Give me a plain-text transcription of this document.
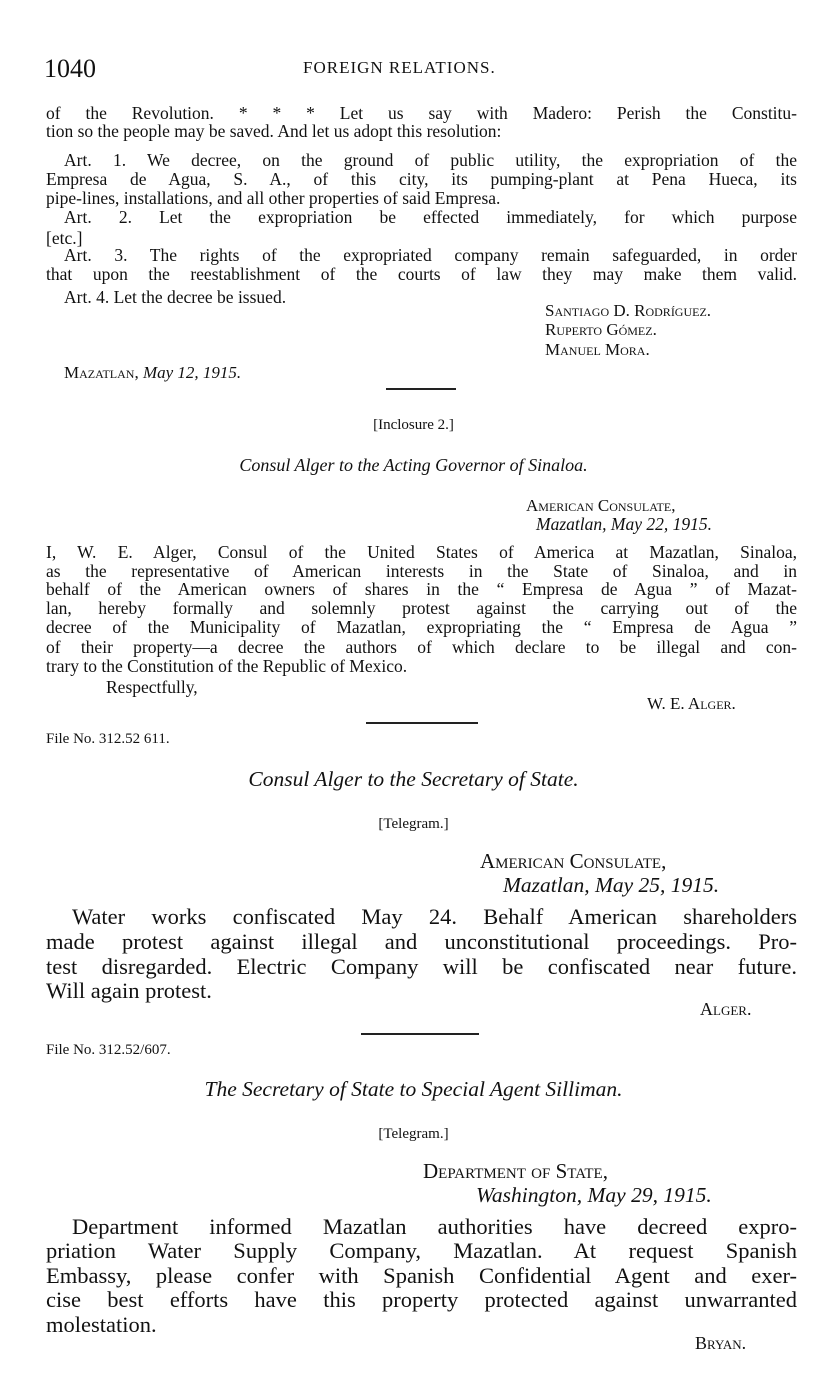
1040	FOREIGN RELATIONS.
of the Revolution. * * * Let us say with Madero: Perish the Constitu-
tion so the people may be saved. And let us adopt this resolution:
Art. 1. We decree, on the ground of public utility, the expropriation of the
Empresa de Agua, S. A., of this city, its pumping-plant at Pena Hueca, its
pipe-lines, installations, and all other properties of said Empresa.
Art. 2. Let the expropriation be effected immediately, for which purpose
[etc.]
Art. 3. The rights of the expropriated company remain safeguarded, in order
that upon the reestablishment of the courts of law they may make them valid.
Art. 4. Let the decree be issued.
Santiago D. Rodríguez.
Ruperto Gómez.
Manuel Mora.
Mazatlan, May 12, 1915.
[Inclosure 2.]
Consul Alger to the Acting Governor of Sinaloa.
American Consulate,
Mazatlan, May 22, 1915.
I, W. E. Alger, Consul of the United States of America at Mazatlan, Sinaloa,
as the representative of American interests in the State of Sinaloa, and in
behalf of the American owners of shares in the “ Empresa de Agua ” of Mazat-
lan, hereby formally and solemnly protest against the carrying out of the
decree of the Municipality of Mazatlan, expropriating the “ Empresa de Agua ”
of their property—a decree the authors of which declare to be illegal and con-
trary to the Constitution of the Republic of Mexico.
Respectfully,
W. E. Alger.
File No. 312.52 611.
Consul Alger to the Secretary of State.
[Telegram.]
American Consulate,
Mazatlan, May 25, 1915.
Water works confiscated May 24. Behalf American shareholders
made protest against illegal and unconstitutional proceedings. Pro-
test disregarded. Electric Company will be confiscated near future.
Will again protest.
Alger.
File No. 312.52/607.
The Secretary of State to Special Agent Silliman.
[Telegram.]
Department of State,
Washington, May 29, 1915.
Department informed Mazatlan authorities have decreed expro-
priation Water Supply Company, Mazatlan. At request Spanish
Embassy, please confer with Spanish Confidential Agent and exer-
cise best efforts have this property protected against unwarranted
molestation.
Bryan.
